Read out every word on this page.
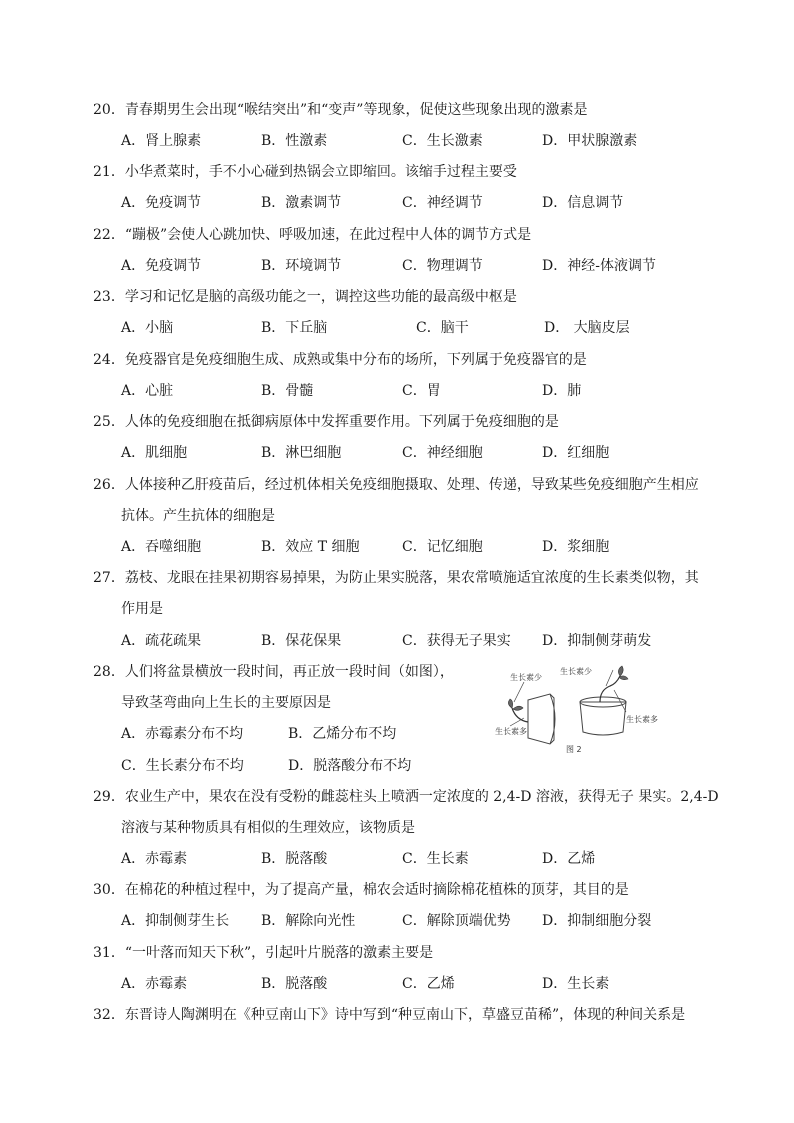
20．青春期男生会出现“喉结突出”和“变声”等现象，促使这些现象出现的激素是
A．肾上腺素	B．性激素	C．生长激素	D．甲状腺激素
21．小华煮菜时，手不小心碰到热锅会立即缩回。该缩手过程主要受
A．免疫调节	B．激素调节	C．神经调节	D．信息调节
22．“蹦极”会使人心跳加快、呼吸加速，在此过程中人体的调节方式是
A．免疫调节	B．环境调节	C．物理调节	D．神经-体液调节
23．学习和记忆是脑的高级功能之一，调控这些功能的最高级中枢是
A．小脑	B．下丘脑	C．脑干	D． 大脑皮层
24．免疫器官是免疫细胞生成、成熟或集中分布的场所，下列属于免疫器官的是
A．心脏	B．骨髓	C．胃	D．肺
25．人体的免疫细胞在抵御病原体中发挥重要作用。下列属于免疫细胞的是
A．肌细胞	B．淋巴细胞	C．神经细胞	D．红细胞
26．人体接种乙肝疫苗后，经过机体相关免疫细胞摄取、处理、传递，导致某些免疫细胞产生相应
抗体。产生抗体的细胞是
A．吞噬细胞	B．效应 T 细胞	C．记忆细胞	D．浆细胞
27．荔枝、龙眼在挂果初期容易掉果，为防止果实脱落，果农常喷施适宜浓度的生长素类似物，其
作用是
A．疏花疏果	B．保花保果	C．获得无子果实 D．抑制侧芽萌发
28．人们将盆景横放一段时间，再正放一段时间（如图），
导致茎弯曲向上生长的主要原因是
A．赤霉素分布不均	B．乙烯分布不均
C．生长素分布不均	D．脱落酸分布不均
生长素少
生长素多
生长素少
生长素多
图 2
29．农业生产中，果农在没有受粉的雌蕊柱头上喷洒一定浓度的 2,4-D 溶液，获得无子 果实。2,4-D
溶液与某种物质具有相似的生理效应，该物质是
A．赤霉素	B．脱落酸	C．生长素	D．乙烯
30．在棉花的种植过程中，为了提高产量，棉农会适时摘除棉花植株的顶芽，其目的是
A．抑制侧芽生长 B．解除向光性	C．解除顶端优势 D．抑制细胞分裂
31．“一叶落而知天下秋”，引起叶片脱落的激素主要是
A．赤霉素	B．脱落酸	C．乙烯	D．生长素
32．东晋诗人陶渊明在《种豆南山下》诗中写到“种豆南山下，草盛豆苗稀”，体现的种间关系是
